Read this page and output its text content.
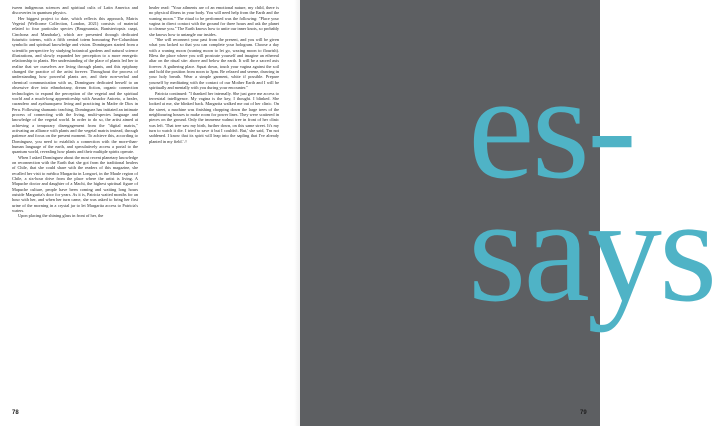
tween indigenous sciences and spiritual cults of Latin America and discoveries in quantum physics.

Her biggest project to date, which reflects this approach, Matrix Vegetal (Wellcome Collection, London, 2021) consists of material related to four particular species (Brugmansia, Banisteriopsis caapi, Cinchona and Mandrake), which are presented through dedicated futuristic totems, with a fifth central totem honouring Pre-Columbian symbolic and spiritual knowledge and vision. Domínguez started from a scientific perspective by studying botanical gardens and natural science illustrations, and slowly expanded her perception to a more energetic relationship to plants. Her understanding of the place of plants led her to realise that we ourselves are living through plants, and this epiphany changed the practice of the artist forever. Throughout the process of understanding how powerful plants are, and their non-verbal and chemical communication with us, Domínguez dedicated herself to an obsessive dive into ethnobotany, dream fiction, organic connection technologies to expand the perception of the vegetal and the spiritual world and a much-long apprenticeship with Amador Aniceto, a healer, curandero and ayahuasquero living and practicing in Madre de Dios in Peru. Following shamanic teaching, Domínguez has initiated an intimate process of connecting with the living, multi-species language and knowledge of the vegetal world. In order to do so, the artist aimed at achieving a temporary disengagement from the "digital matrix," activating an alliance with plants and the vegetal matrix instead, through patience and focus on the present moment. To achieve this, according to Domínguez, you need to establish a connection with the more-than-human language of the earth, and speculatively access a portal to the quantum world, revealing how plants and their multiple spirits operate.

When I asked Domínguez about the most recent planetary knowledge on reconnection with the Earth that she got from the traditional healers of Chile, that she could share with the readers of this magazine, she recalled her visit to médica Margarita in Longaví, in the Maule region of Chile, a six-hour drive from the place where the artist is living. A Mapuche doctor and daughter of a Machi, the highest spiritual figure of Mapuche culture, people have been coming and waiting long hours outside Margarita's door for years. As it is, Patricia waited months for an hour with her, and when her turn came, she was asked to bring her first urine of the morning in a crystal jar to let Margarita access to Patricia's waters.

Upon placing the shining glass in front of her, the

healer read: "Your ailments are of an emotional nature, my child, there is no physical illness in your body. You will need help from the Earth and the waning moon." The ritual to be performed was the following: "Place your vagina in direct contact with the ground for three hours and ask the planet to cleanse you." The Earth knows how to untie our inner knots, so probably she knows how to untangle our insides.

"She will reconnect your past from the present, and you will be given what you lacked so that you can complete your hologram. Choose a day with a waning moon (waning moon to let go, waxing moon to flourish). Bless the place where you will prostrate yourself and imagine an ethereal altar on the ritual site: above and below the earth. It will be a sacred axis forever. A gathering place. Squat down, touch your vagina against the soil and hold the position from noon to 3pm. Be relaxed and serene, drawing in your holy breath. Wear a simple garment, white if possible. Prepare yourself by meditating with the contact of our Mother Earth and I will be spiritually and mentally with you during your encounter."

Patricia continued: "I thanked her internally. She just gave me access to terrestrial intelligence. My vagina is the key, I thought. I blinked. She looked at me, she blinked back. Margarita walked me out of her clinic. On the street, a machine was finishing chopping down the large trees of the neighbouring houses to make room for power lines. They were scattered in pieces on the ground. Only the immense walnut tree in front of her clinic was left. 'That tree saw my birth, further down, on this same street. It's my turn to watch it die. I tried to save it but I couldn't. But,' she said, 'I'm not saddened. I know that its spirit will leap into the sapling that I've already planted in my field.' //

78
es-
says
79
